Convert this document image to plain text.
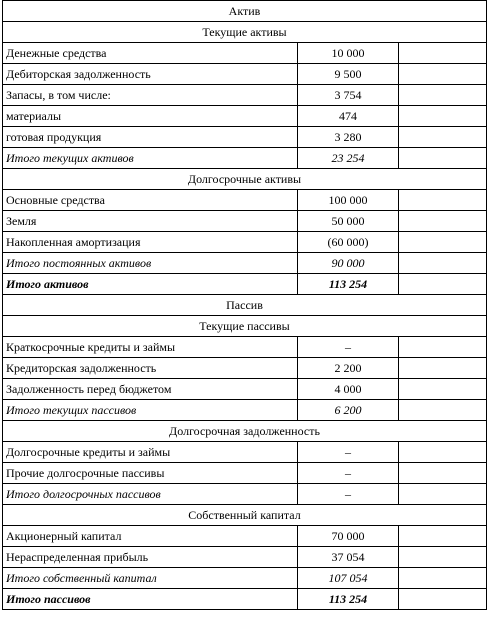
Актив		
Текущие активы		
Денежные средства	10 000	
Дебиторская задолженность	9 500	
Запасы, в том числе:	3 754	
материалы	474	
готовая продукция	3 280	
Итого текущих активов	23 254	
Долгосрочные активы		
Основные средства	100 000	
Земля	50 000	
Накопленная амортизация	(60 000)	
Итого постоянных активов	90 000	
Итого активов	113 254	
Пассив		
Текущие пассивы		
Краткосрочные кредиты и займы	–	
Кредиторская задолженность	2 200	
Задолженность перед бюджетом	4 000	
Итого текущих пассивов	6 200	
Долгосрочная задолженность		
Долгосрочные кредиты и займы	–	
Прочие долгосрочные пассивы	–	
Итого долгосрочных пассивов	–	
Собственный капитал		
Акционерный капитал	70 000	
Нераспределенная прибыль	37 054	
Итого собственный капитал	107 054	
Итого пассивов	113 254	
